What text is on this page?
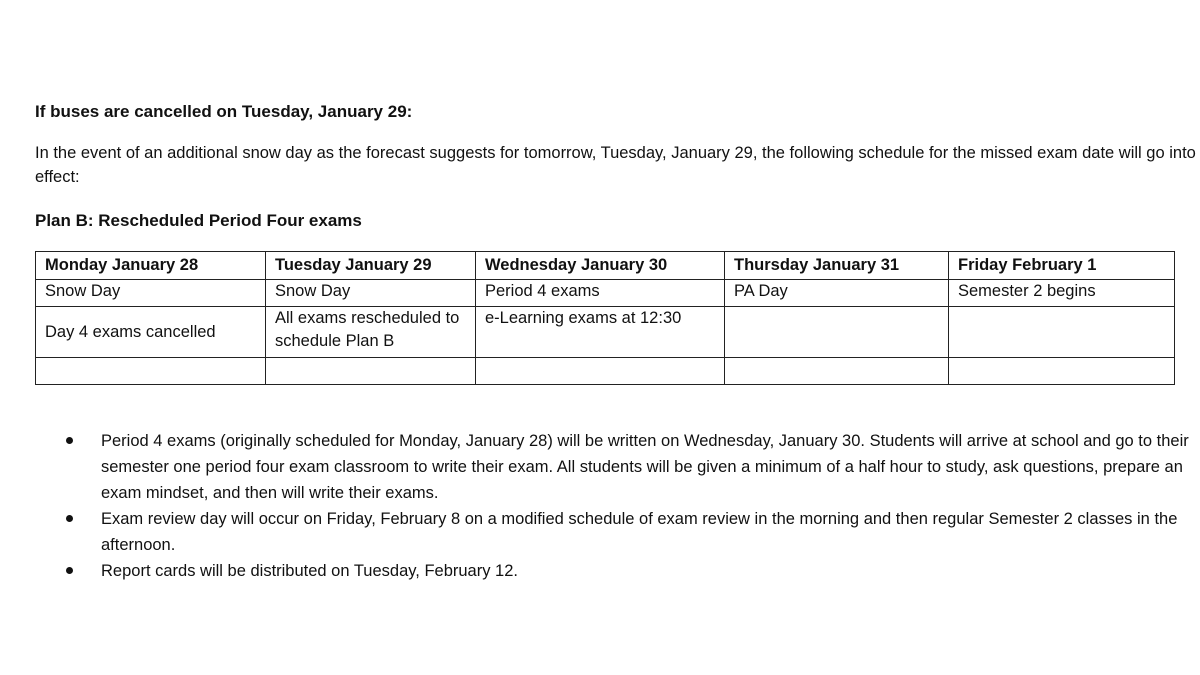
If buses are cancelled on Tuesday, January 29:
In the event of an additional snow day as the forecast suggests for tomorrow, Tuesday, January 29, the following schedule for the missed exam date will go into effect:
Plan B: Rescheduled Period Four exams
Monday January 28	Tuesday January 29	Wednesday January 30	Thursday January 31	Friday February 1
Snow Day	Snow Day	Period 4 exams	PA Day	Semester 2 begins
Day 4 exams cancelled	All exams rescheduled to schedule Plan B	e-Learning exams at 12:30		

Period 4 exams (originally scheduled for Monday, January 28) will be written on Wednesday, January 30. Students will arrive at school and go to their semester one period four exam classroom to write their exam. All students will be given a minimum of a half hour to study, ask questions, prepare an exam mindset, and then will write their exams.
Exam review day will occur on Friday, February 8 on a modified schedule of exam review in the morning and then regular Semester 2 classes in the afternoon.
Report cards will be distributed on Tuesday, February 12.
